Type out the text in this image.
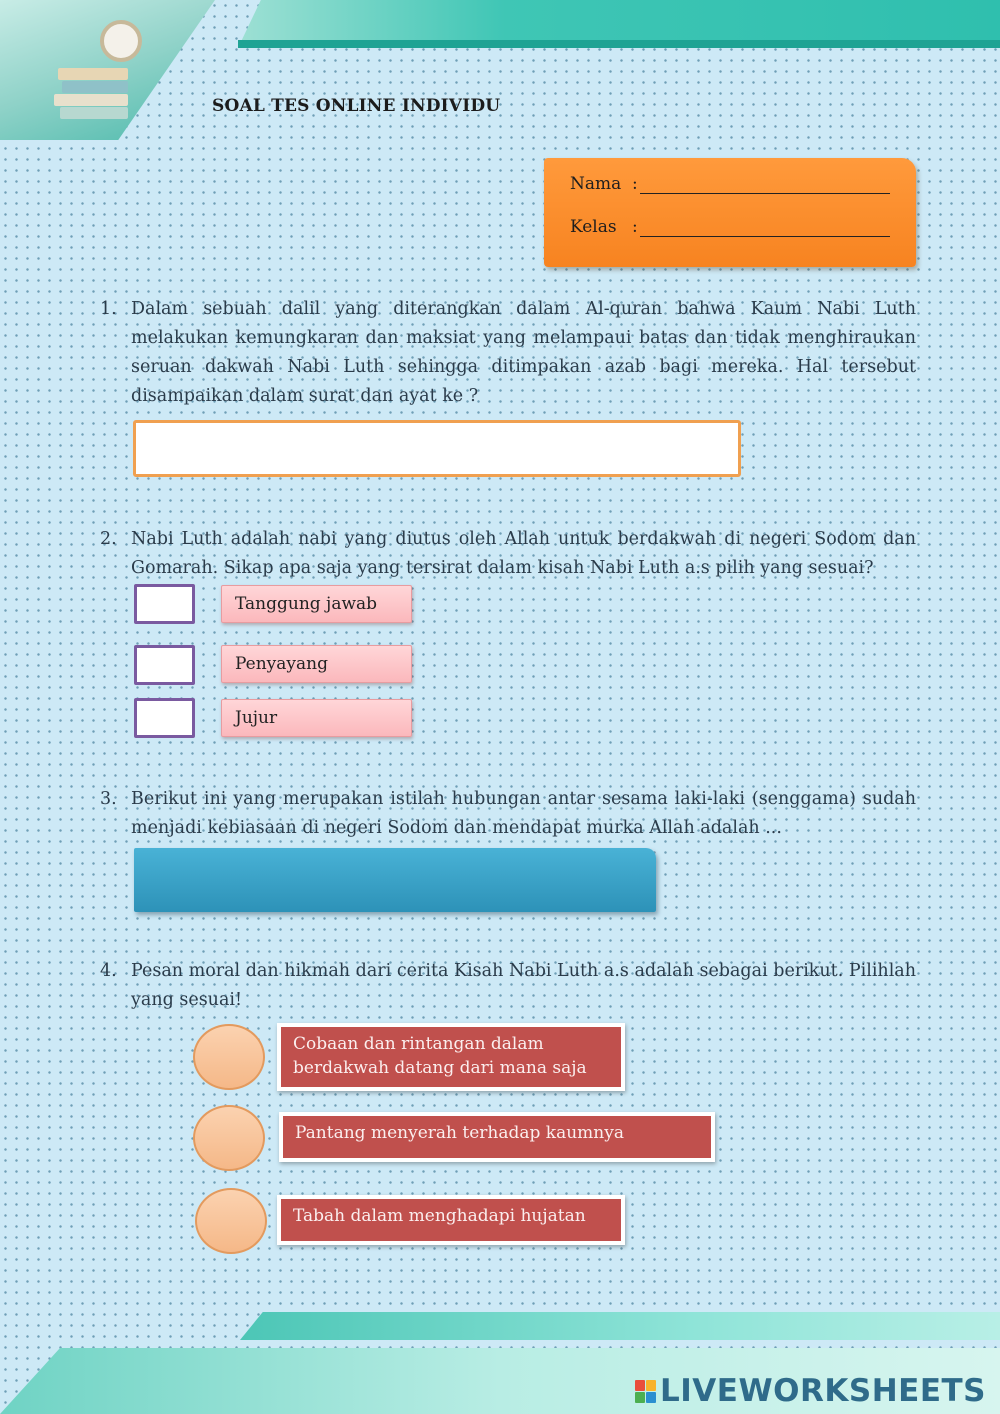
SOAL TES ONLINE INDIVIDU
Nama :
Kelas :
1. Dalam sebuah dalil yang diterangkan dalam Al-quran bahwa Kaum Nabi Luth melakukan kemungkaran dan maksiat yang melampaui batas dan tidak menghiraukan seruan dakwah Nabi Luth sehingga ditimpakan azab bagi mereka. Hal tersebut disampaikan dalam surat dan ayat ke ?
2. Nabi Luth adalah nabi yang diutus oleh Allah untuk berdakwah di negeri Sodom dan Gomarah. Sikap apa saja yang tersirat dalam kisah Nabi Luth a.s pilih yang sesuai?
Tanggung jawab
Penyayang
Jujur
3. Berikut ini yang merupakan istilah hubungan antar sesama laki-laki (senggama) sudah menjadi kebiasaan di negeri Sodom dan mendapat murka Allah adalah ...
4. Pesan moral dan hikmah dari cerita Kisah Nabi Luth a.s adalah sebagai berikut. Pilihlah yang sesuai!
Cobaan dan rintangan dalam berdakwah datang dari mana saja
Pantang menyerah terhadap kaumnya
Tabah dalam menghadapi hujatan
LIVEWORKSHEETS
